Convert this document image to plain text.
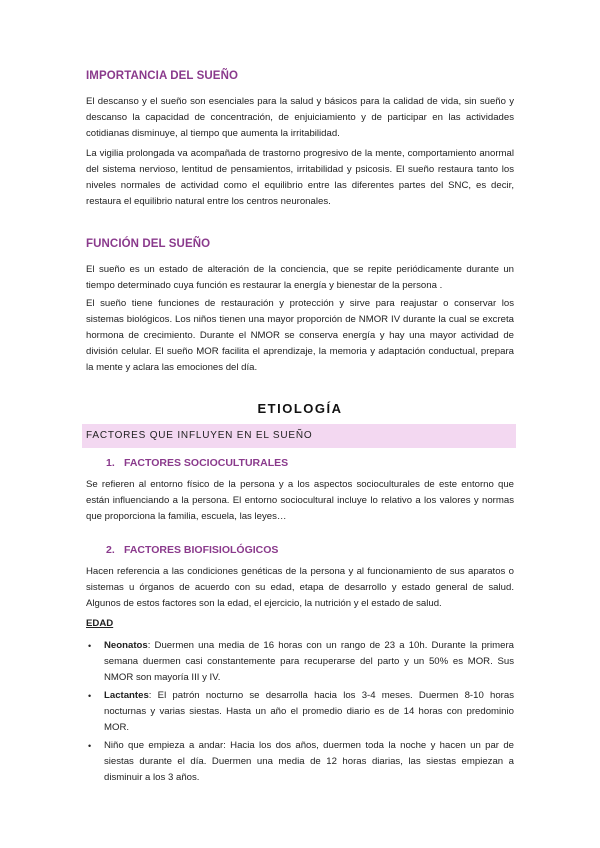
IMPORTANCIA DEL SUEÑO

El descanso y el sueño son esenciales para la salud y básicos para la calidad de vida, sin sueño y descanso la capacidad de concentración, de enjuiciamiento y de participar en las actividades cotidianas disminuye, al tiempo que aumenta la irritabilidad.

La vigilia prolongada va acompañada de trastorno progresivo de la mente, comportamiento anormal del sistema nervioso, lentitud de pensamientos, irritabilidad y psicosis. El sueño restaura tanto los niveles normales de actividad como el equilibrio entre las diferentes partes del SNC, es decir, restaura el equilibrio natural entre los centros neuronales.

FUNCIÓN DEL SUEÑO

El sueño es un estado de alteración de la conciencia, que se repite periódicamente durante un tiempo determinado cuya función es restaurar la energía y bienestar de la persona .

El sueño tiene funciones de restauración y protección y sirve para reajustar o conservar los sistemas biológicos. Los niños tienen una mayor proporción de NMOR IV durante la cual se excreta hormona de crecimiento. Durante el NMOR se conserva energía y hay una mayor actividad de división celular. El sueño MOR facilita el aprendizaje, la memoria y adaptación conductual, prepara la mente y aclara las emociones del día.

ETIOLOGÍA
FACTORES QUE INFLUYEN EN EL SUEÑO
1. FACTORES SOCIOCULTURALES

Se refieren al entorno físico de la persona y a los aspectos socioculturales de este entorno que están influenciando a la persona. El entorno sociocultural incluye lo relativo a los valores y normas que proporciona la familia, escuela, las leyes…

2. FACTORES BIOFISIOLÓGICOS

Hacen referencia a las condiciones genéticas de la persona y al funcionamiento de sus aparatos o sistemas u órganos de acuerdo con su edad, etapa de desarrollo y estado general de salud. Algunos de estos factores son la edad, el ejercicio, la nutrición y el estado de salud.

EDAD

• Neonatos: Duermen una media de 16 horas con un rango de 23 a 10h. Durante la primera semana duermen casi constantemente para recuperarse del parto y un 50% es MOR. Sus NMOR son mayoría III y IV.
• Lactantes: El patrón nocturno se desarrolla hacia los 3-4 meses. Duermen 8-10 horas nocturnas y varias siestas. Hasta un año el promedio diario es de 14 horas con predominio MOR.
• Niño que empieza a andar: Hacia los dos años, duermen toda la noche y hacen un par de siestas durante el día. Duermen una media de 12 horas diarias, las siestas empiezan a disminuir a los 3 años.
